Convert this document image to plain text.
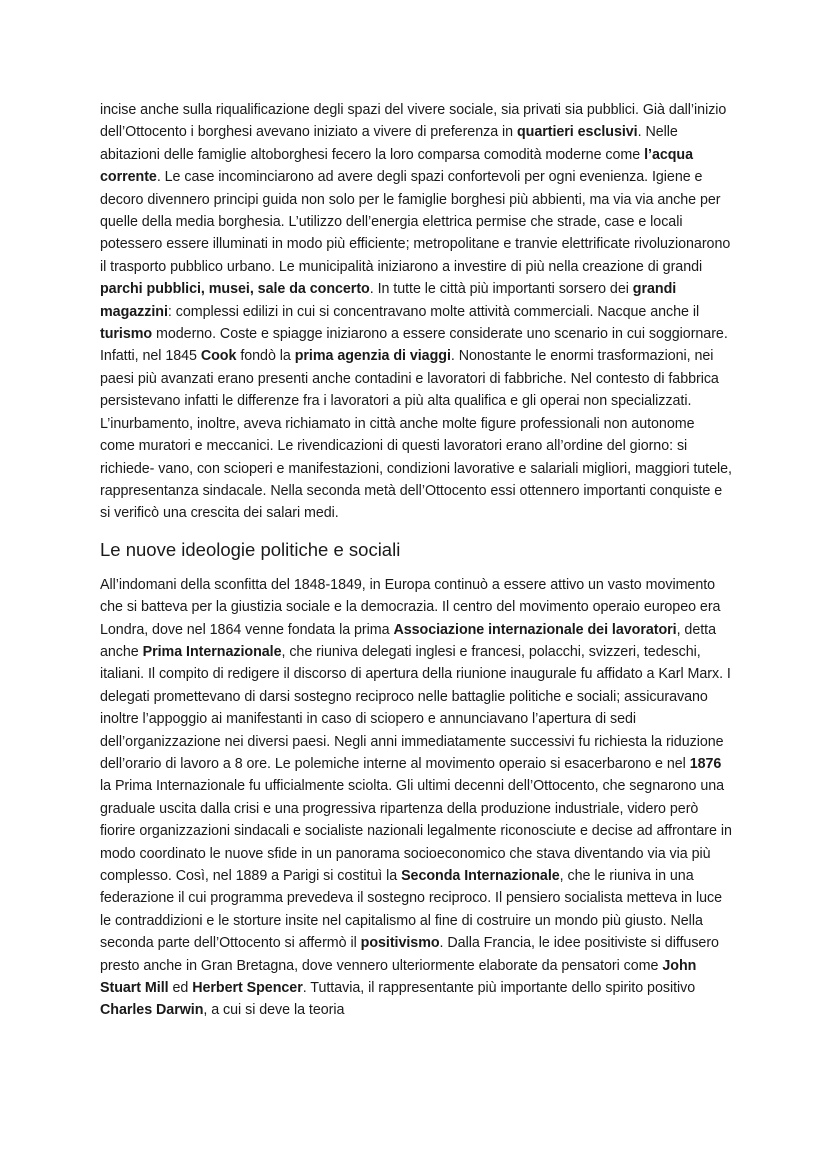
incise anche sulla riqualificazione degli spazi del vivere sociale, sia privati sia pubblici. Già dall’inizio dell’Ottocento i borghesi avevano iniziato a vivere di preferenza in quartieri esclusivi. Nelle abitazioni delle famiglie altoborghesi fecero la loro comparsa comodità moderne come l’acqua corrente. Le case incominciarono ad avere degli spazi confortevoli per ogni evenienza. Igiene e decoro divennero principi guida non solo per le famiglie borghesi più abbienti, ma via via anche per quelle della media borghesia. L’utilizzo dell’energia elettrica permise che strade, case e locali potessero essere illuminati in modo più efficiente; metropolitane e tranvie elettrificate rivoluzionarono il trasporto pubblico urbano. Le municipalità iniziarono a investire di più nella creazione di grandi parchi pubblici, musei, sale da concerto. In tutte le città più importanti sorsero dei grandi magazzini: complessi edilizi in cui si concentravano molte attività commerciali. Nacque anche il turismo moderno. Coste e spiagge iniziarono a essere considerate uno scenario in cui soggiornare. Infatti, nel 1845 Cook fondò la prima agenzia di viaggi. Nonostante le enormi trasformazioni, nei paesi più avanzati erano presenti anche contadini e lavoratori di fabbriche. Nel contesto di fabbrica persistevano infatti le differenze fra i lavoratori a più alta qualifica e gli operai non specializzati. L’inurbamento, inoltre, aveva richiamato in città anche molte figure professionali non autonome come muratori e meccanici. Le rivendicazioni di questi lavoratori erano all’ordine del giorno: si richiede- vano, con scioperi e manifestazioni, condizioni lavorative e salariali migliori, maggiori tutele, rappresentanza sindacale. Nella seconda metà dell’Ottocento essi ottennero importanti conquiste e si verificò una crescita dei salari medi.

Le nuove ideologie politiche e sociali

All’indomani della sconfitta del 1848-1849, in Europa continuò a essere attivo un vasto movimento che si batteva per la giustizia sociale e la democrazia. Il centro del movimento operaio europeo era Londra, dove nel 1864 venne fondata la prima Associazione internazionale dei lavoratori, detta anche Prima Internazionale, che riuniva delegati inglesi e francesi, polacchi, svizzeri, tedeschi, italiani. Il compito di redigere il discorso di apertura della riunione inaugurale fu affidato a Karl Marx. I delegati promettevano di darsi sostegno reciproco nelle battaglie politiche e sociali; assicuravano inoltre l’appoggio ai manifestanti in caso di sciopero e annunciavano l’apertura di sedi dell’organizzazione nei diversi paesi. Negli anni immediatamente successivi fu richiesta la riduzione dell’orario di lavoro a 8 ore. Le polemiche interne al movimento operaio si esacerbarono e nel 1876 la Prima Internazionale fu ufficialmente sciolta. Gli ultimi decenni dell’Ottocento, che segnarono una graduale uscita dalla crisi e una progressiva ripartenza della produzione industriale, videro però fiorire organizzazioni sindacali e socialiste nazionali legalmente riconosciute e decise ad affrontare in modo coordinato le nuove sfide in un panorama socioeconomico che stava diventando via via più complesso. Così, nel 1889 a Parigi si costituì la Seconda Internazionale, che le riuniva in una federazione il cui programma prevedeva il sostegno reciproco. Il pensiero socialista metteva in luce le contraddizioni e le storture insite nel capitalismo al fine di costruire un mondo più giusto. Nella seconda parte dell’Ottocento si affermò il positivismo. Dalla Francia, le idee positiviste si diffusero presto anche in Gran Bretagna, dove vennero ulteriormente elaborate da pensatori come John Stuart Mill ed Herbert Spencer. Tuttavia, il rappresentante più importante dello spirito positivo Charles Darwin, a cui si deve la teoria
